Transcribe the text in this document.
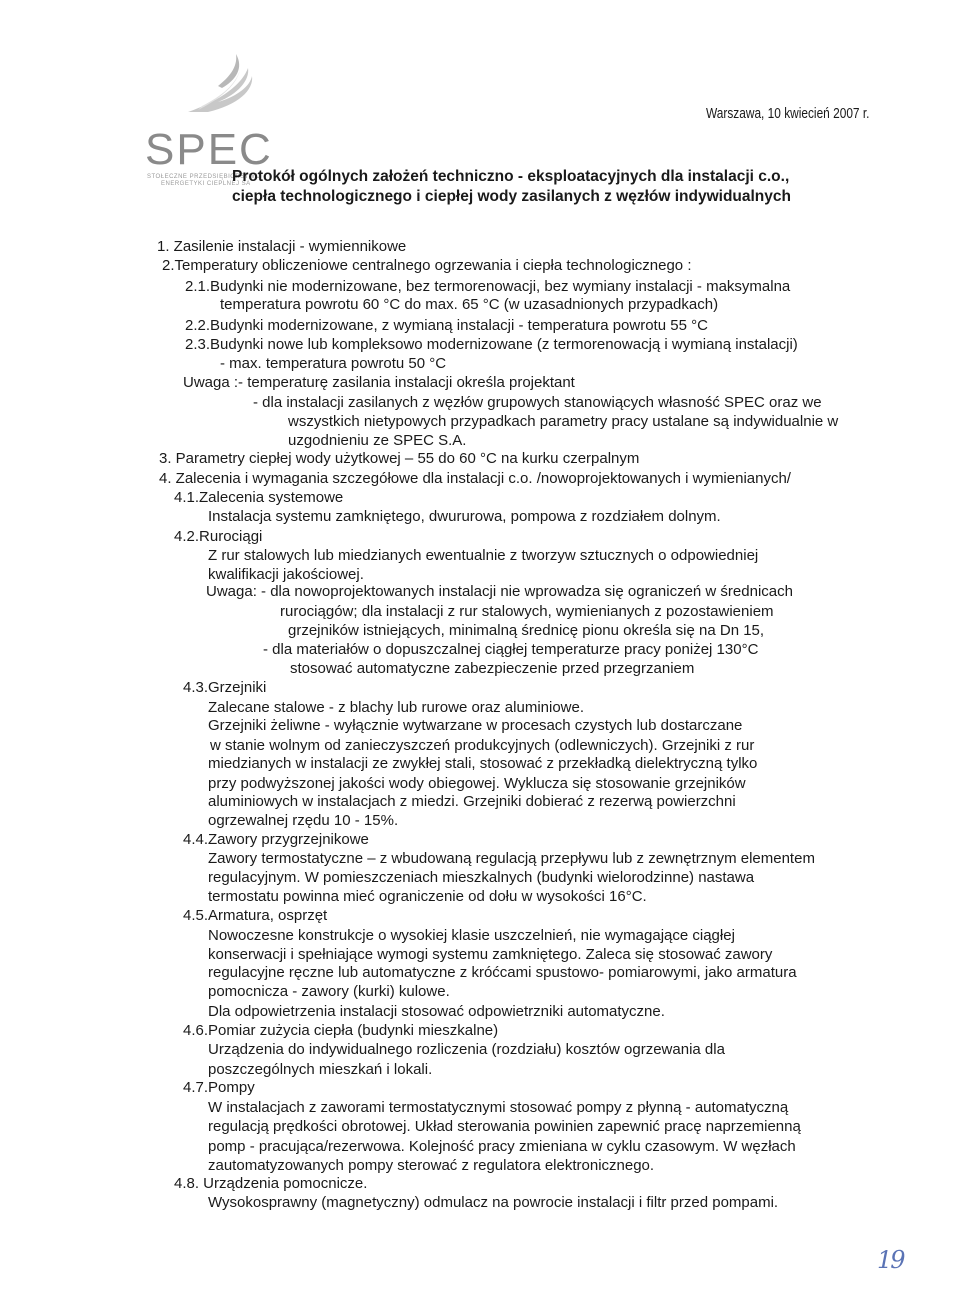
SPEC
STOŁECZNE PRZEDSIĘBIORSTWO
ENERGETYKI CIEPLNEJ SA
Warszawa, 10 kwiecień 2007 r.
Protokół ogólnych założeń techniczno - eksploatacyjnych dla instalacji c.o.,
ciepła technologicznego i ciepłej wody zasilanych z węzłów indywidualnych
1. Zasilenie instalacji - wymiennikowe
2.Temperatury obliczeniowe centralnego ogrzewania i ciepła technologicznego :
2.1.Budynki nie modernizowane, bez termorenowacji, bez wymiany instalacji - maksymalna
temperatura powrotu 60 °C do max. 65 °C (w uzasadnionych przypadkach)
2.2.Budynki modernizowane, z wymianą instalacji - temperatura powrotu 55 °C
2.3.Budynki nowe lub kompleksowo modernizowane (z termorenowacją i wymianą instalacji)
- max. temperatura powrotu 50 °C
Uwaga :- temperaturę zasilania instalacji określa projektant
- dla instalacji zasilanych z węzłów grupowych stanowiących własność SPEC oraz we
wszystkich nietypowych przypadkach parametry pracy ustalane są indywidualnie w
uzgodnieniu ze SPEC S.A.
3. Parametry ciepłej wody użytkowej – 55 do 60 °C na kurku czerpalnym
4. Zalecenia i wymagania szczegółowe dla instalacji c.o. /nowoprojektowanych i wymienianych/
4.1.Zalecenia systemowe
Instalacja systemu zamkniętego, dwururowa, pompowa z rozdziałem dolnym.
4.2.Rurociągi
Z rur stalowych lub miedzianych ewentualnie z tworzyw sztucznych o odpowiedniej
kwalifikacji jakościowej.
Uwaga: - dla nowoprojektowanych instalacji nie wprowadza się ograniczeń w średnicach
rurociągów; dla instalacji z rur stalowych, wymienianych z pozostawieniem
grzejników istniejących, minimalną średnicę pionu określa się na Dn 15,
- dla materiałów o dopuszczalnej ciągłej temperaturze pracy poniżej 130°C
stosować automatyczne zabezpieczenie przed przegrzaniem
4.3.Grzejniki
Zalecane stalowe - z blachy lub rurowe oraz aluminiowe.
Grzejniki żeliwne - wyłącznie wytwarzane w procesach czystych lub dostarczane
w stanie wolnym od zanieczyszczeń produkcyjnych (odlewniczych). Grzejniki z rur
miedzianych w instalacji ze zwykłej stali, stosować z przekładką dielektryczną tylko
przy podwyższonej jakości wody obiegowej. Wyklucza się stosowanie grzejników
aluminiowych w instalacjach z miedzi. Grzejniki dobierać z rezerwą powierzchni
ogrzewalnej rzędu 10 - 15%.
4.4.Zawory przygrzejnikowe
Zawory termostatyczne – z wbudowaną regulacją przepływu lub z zewnętrznym elementem
regulacyjnym. W pomieszczeniach mieszkalnych (budynki wielorodzinne) nastawa
termostatu powinna mieć ograniczenie od dołu w wysokości 16°C.
4.5.Armatura, osprzęt
Nowoczesne konstrukcje o wysokiej klasie uszczelnień, nie wymagające ciągłej
konserwacji i spełniające wymogi systemu zamkniętego. Zaleca się stosować zawory
regulacyjne ręczne lub automatyczne z króćcami spustowo- pomiarowymi, jako armatura
pomocnicza - zawory (kurki) kulowe.
Dla odpowietrzenia instalacji stosować odpowietrzniki automatyczne.
4.6.Pomiar zużycia ciepła (budynki mieszkalne)
Urządzenia do indywidualnego rozliczenia (rozdziału) kosztów ogrzewania dla
poszczególnych mieszkań i lokali.
4.7.Pompy
W instalacjach z zaworami termostatycznymi stosować pompy z płynną - automatyczną
regulacją prędkości obrotowej. Układ sterowania powinien zapewnić pracę naprzemienną
pomp - pracująca/rezerwowa. Kolejność pracy zmieniana w cyklu czasowym. W węzłach
zautomatyzowanych pompy sterować z regulatora elektronicznego.
4.8. Urządzenia pomocnicze.
Wysokosprawny (magnetyczny) odmulacz na powrocie instalacji i filtr przed pompami.
19
